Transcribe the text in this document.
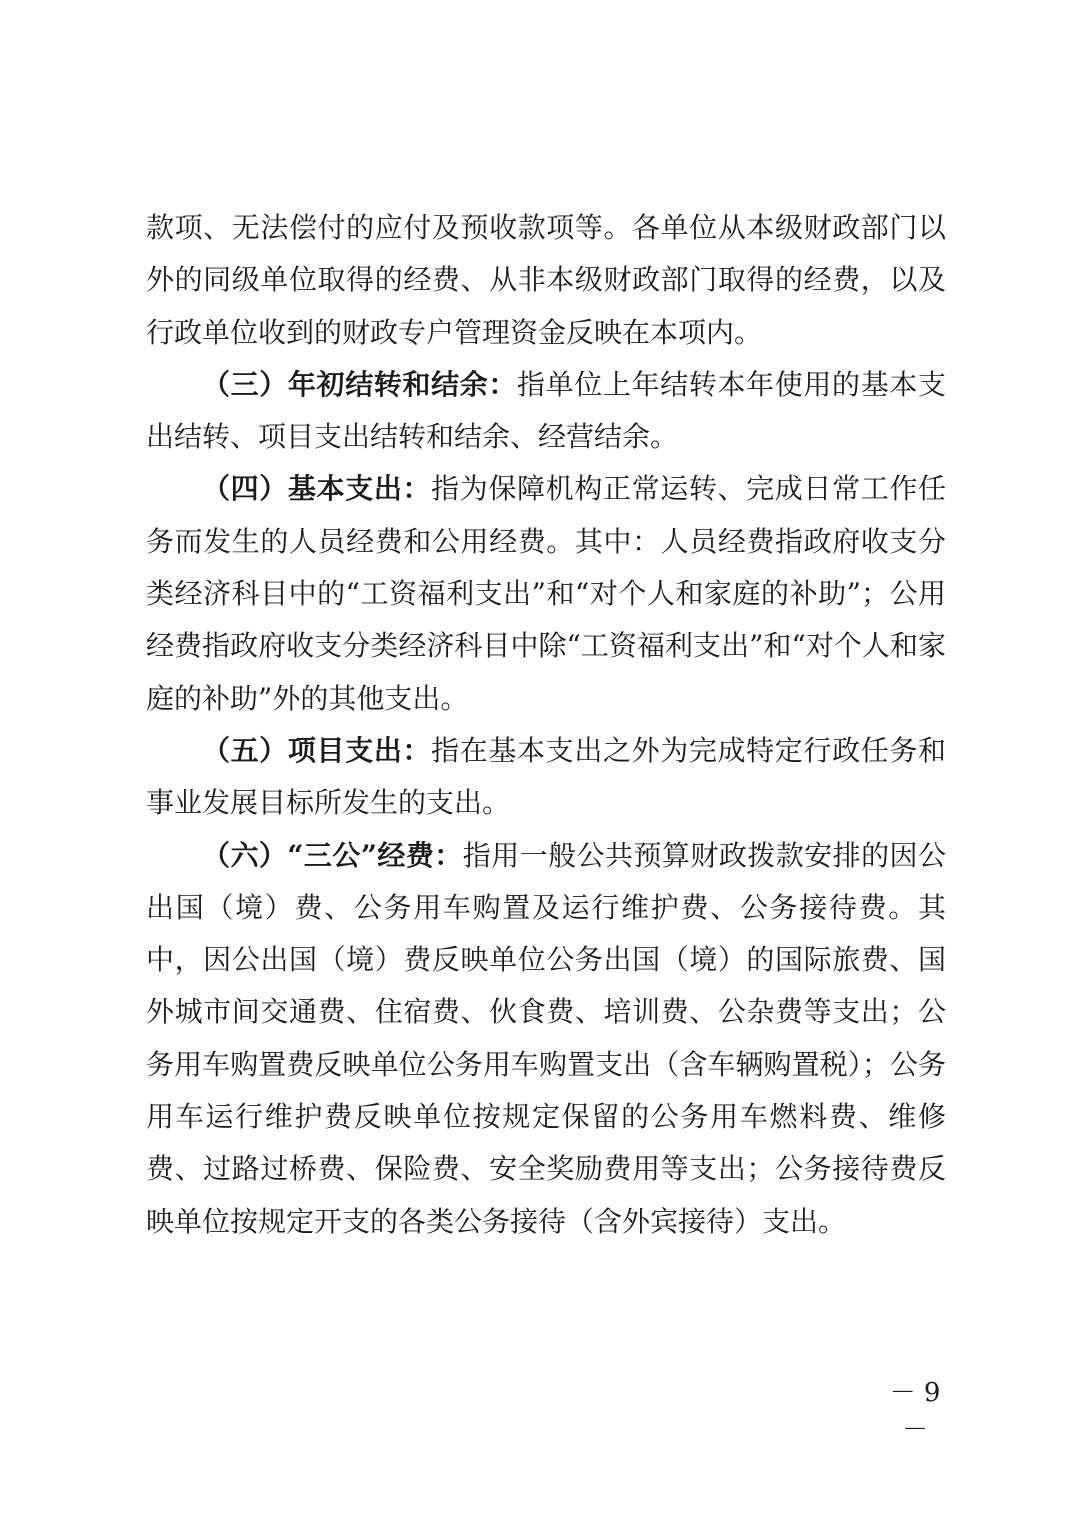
款项、无法偿付的应付及预收款项等。各单位从本级财政部门以外的同级单位取得的经费、从非本级财政部门取得的经费，以及行政单位收到的财政专户管理资金反映在本项内。

（三）年初结转和结余：指单位上年结转本年使用的基本支出结转、项目支出结转和结余、经营结余。

（四）基本支出：指为保障机构正常运转、完成日常工作任务而发生的人员经费和公用经费。其中：人员经费指政府收支分类经济科目中的“工资福利支出”和“对个人和家庭的补助”；公用经费指政府收支分类经济科目中除“工资福利支出”和“对个人和家庭的补助”外的其他支出。

（五）项目支出：指在基本支出之外为完成特定行政任务和事业发展目标所发生的支出。

（六）“三公”经费：指用一般公共预算财政拨款安排的因公出国（境）费、公务用车购置及运行维护费、公务接待费。其中，因公出国（境）费反映单位公务出国（境）的国际旅费、国外城市间交通费、住宿费、伙食费、培训费、公杂费等支出；公务用车购置费反映单位公务用车购置支出（含车辆购置税）；公务用车运行维护费反映单位按规定保留的公务用车燃料费、维修费、过路过桥费、保险费、安全奖励费用等支出；公务接待费反映单位按规定开支的各类公务接待（含外宾接待）支出。

－ 9 －
